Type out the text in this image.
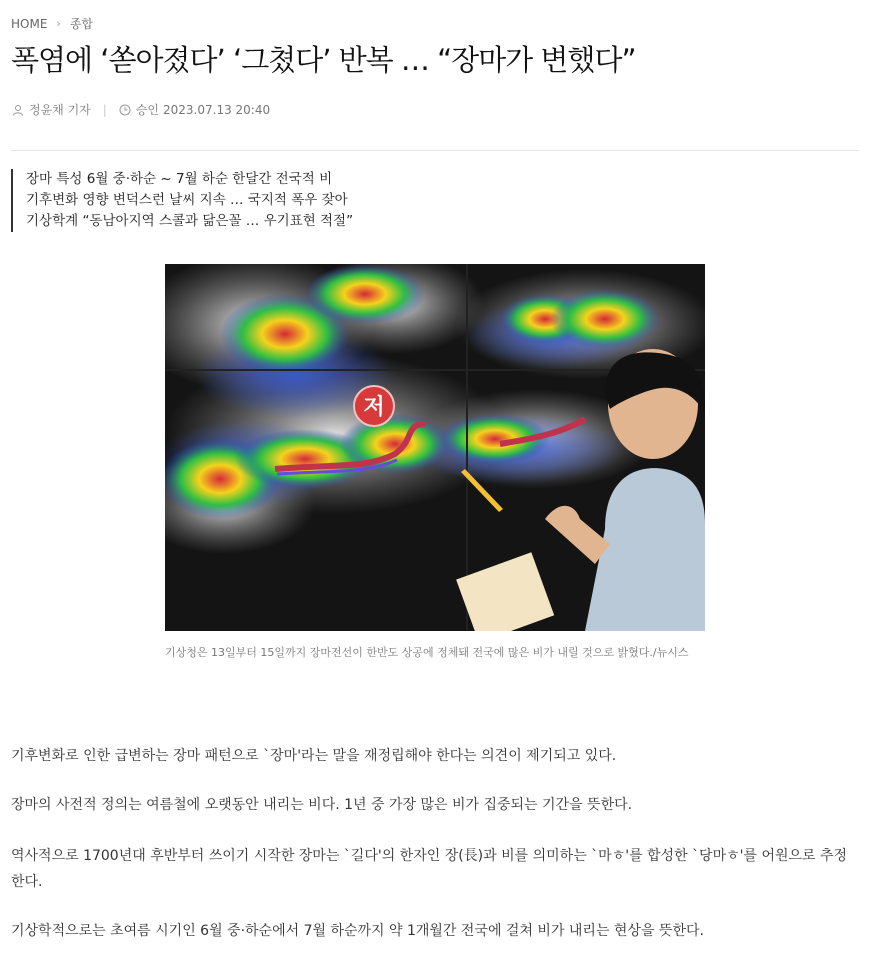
HOME › 종합
폭염에 ‘쏟아졌다’ ‘그쳤다’ 반복 … “장마가 변했다”
정윤채 기자 | 승인 2023.07.13 20:40
장마 특성 6월 중·하순 ~ 7월 하순 한달간 전국적 비
기후변화 영향 변덕스런 날씨 지속 … 국지적 폭우 잦아
기상학계 “동남아지역 스콜과 닮은꼴 … 우기표현 적절”
저
기상청은 13일부터 15일까지 장마전선이 한반도 상공에 정체돼 전국에 많은 비가 내릴 것으로 밝혔다./뉴시스

기후변화로 인한 급변하는 장마 패턴으로 `장마'라는 말을 재정립해야 한다는 의견이 제기되고 있다.

장마의 사전적 정의는 여름철에 오랫동안 내리는 비다. 1년 중 가장 많은 비가 집중되는 기간을 뜻한다.

역사적으로 1700년대 후반부터 쓰이기 시작한 장마는 `길다'의 한자인 장(長)과 비를 의미하는 `마ㅎ'를 합성한 `당마ㅎ'를 어원으로 추정한다.

기상학적으로는 초여름 시기인 6월 중·하순에서 7월 하순까지 약 1개월간 전국에 걸쳐 비가 내리는 현상을 뜻한다.
